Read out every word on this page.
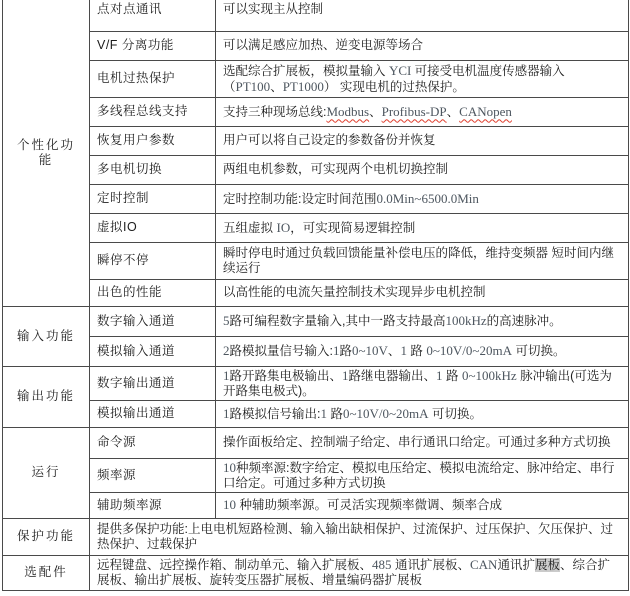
个性化功能	点对点通讯	可以实现主从控制
	V/F 分离功能	可以满足感应加热、逆变电源等场合
	电机过热保护	选配综合扩展板，模拟量输入 YCI 可接受电机温度传感器输入（PT100、PT1000） 实现电机的过热保护。
	多线程总线支持	支持三种现场总线:Modbus、Profibus-DP、CANopen
	恢复用户参数	用户可以将自己设定的参数备份并恢复
	多电机切换	两组电机参数，可实现两个电机切换控制
	定时控制	定时控制功能:设定时间范围0.0Min~6500.0Min
	虚拟IO	五组虚拟 IO，可实现简易逻辑控制
	瞬停不停	瞬时停电时通过负载回馈能量补偿电压的降低，维持变频器 短时间内继续运行
	出色的性能	以高性能的电流矢量控制技术实现异步电机控制
输入功能	数字输入通道	5路可编程数字量输入,其中一路支持最高100kHz的高速脉冲。
	模拟输入通道	2路模拟量信号输入:1路0~10V、1 路 0~10V/0~20mA 可切换。
输出功能	数字输出通道	1路开路集电极输出、1路继电器输出、1 路 0~100kHz 脉冲输出(可选为开路集电极式)。
	模拟输出通道	1路模拟信号输出:1 路0~10V/0~20mA 可切换。
运行	命令源	操作面板给定、控制端子给定、串行通讯口给定。可通过多种方式切换
	频率源	10种频率源:数字给定、模拟电压给定、模拟电流给定、脉冲给定、串行口给定。可通过多种方式切换
	辅助频率源	10 种辅助频率源。可灵活实现频率微调、频率合成
保护功能	提供多保护功能:上电电机短路检测、输入输出缺相保护、过流保护、过压保护、欠压保护、过热保护、过载保护	
选配件	远程键盘、远控操作箱、制动单元、输入扩展板、485 通讯扩展板、CAN通讯扩展板、综合扩展板、输出扩展板、旋转变压器扩展板、增量编码器扩展板	
